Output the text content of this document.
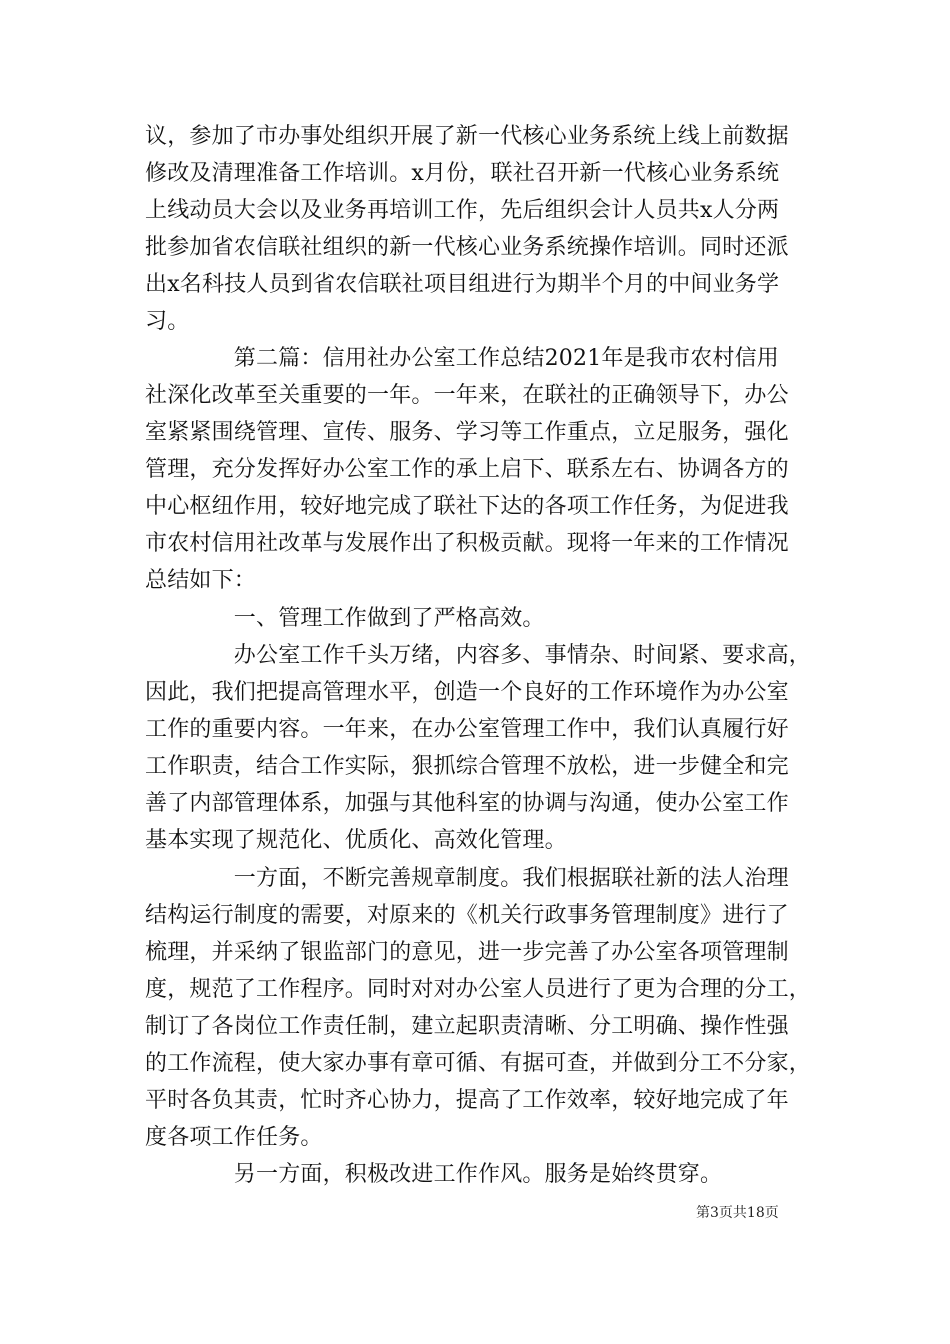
议，参加了市办事处组织开展了新一代核心业务系统上线上前数据
修改及清理准备工作培训。x月份，联社召开新一代核心业务系统
上线动员大会以及业务再培训工作，先后组织会计人员共x人分两
批参加省农信联社组织的新一代核心业务系统操作培训。同时还派
出x名科技人员到省农信联社项目组进行为期半个月的中间业务学
习。
　　　　第二篇：信用社办公室工作总结2021年是我市农村信用
社深化改革至关重要的一年。一年来，在联社的正确领导下，办公
室紧紧围绕管理、宣传、服务、学习等工作重点，立足服务，强化
管理，充分发挥好办公室工作的承上启下、联系左右、协调各方的
中心枢纽作用，较好地完成了联社下达的各项工作任务，为促进我
市农村信用社改革与发展作出了积极贡献。现将一年来的工作情况
总结如下：
　　　　一、管理工作做到了严格高效。
　　　　办公室工作千头万绪，内容多、事情杂、时间紧、要求高，
因此，我们把提高管理水平，创造一个良好的工作环境作为办公室
工作的重要内容。一年来，在办公室管理工作中，我们认真履行好
工作职责，结合工作实际，狠抓综合管理不放松，进一步健全和完
善了内部管理体系，加强与其他科室的协调与沟通，使办公室工作
基本实现了规范化、优质化、高效化管理。
　　　　一方面，不断完善规章制度。我们根据联社新的法人治理
结构运行制度的需要，对原来的《机关行政事务管理制度》进行了
梳理，并采纳了银监部门的意见，进一步完善了办公室各项管理制
度，规范了工作程序。同时对对办公室人员进行了更为合理的分工，
制订了各岗位工作责任制，建立起职责清晰、分工明确、操作性强
的工作流程，使大家办事有章可循、有据可查，并做到分工不分家，
平时各负其责，忙时齐心协力，提高了工作效率，较好地完成了年
度各项工作任务。
　　　　另一方面，积极改进工作作风。服务是始终贯穿。
第3页共18页
